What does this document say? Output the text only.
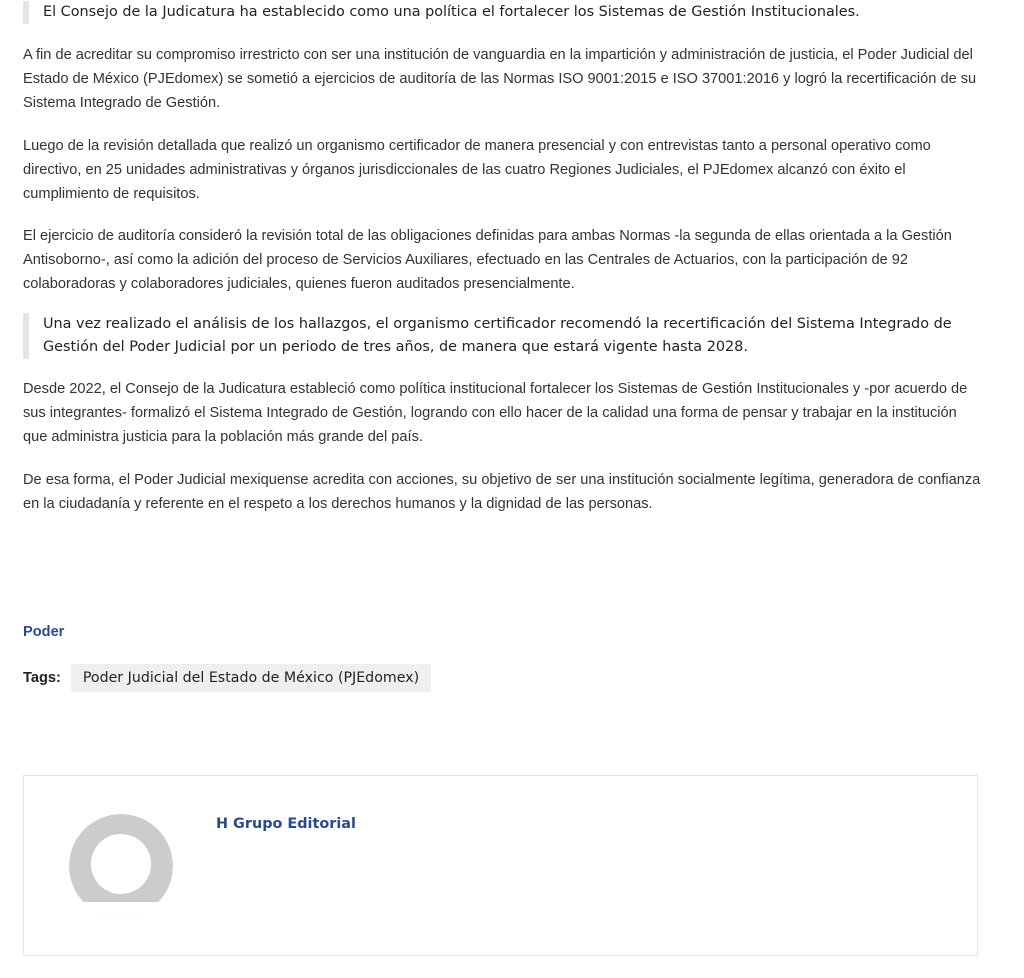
El Consejo de la Judicatura ha establecido como una política el fortalecer los Sistemas de Gestión Institucionales.

A fin de acreditar su compromiso irrestricto con ser una institución de vanguardia en la impartición y administración de justicia, el Poder Judicial del Estado de México (PJEdomex) se sometió a ejercicios de auditoría de las Normas ISO 9001:2015 e ISO 37001:2016 y logró la recertificación de su Sistema Integrado de Gestión.

Luego de la revisión detallada que realizó un organismo certificador de manera presencial y con entrevistas tanto a personal operativo como directivo, en 25 unidades administrativas y órganos jurisdiccionales de las cuatro Regiones Judiciales, el PJEdomex alcanzó con éxito el cumplimiento de requisitos.

El ejercicio de auditoría consideró la revisión total de las obligaciones definidas para ambas Normas -la segunda de ellas orientada a la Gestión Antisoborno-, así como la adición del proceso de Servicios Auxiliares, efectuado en las Centrales de Actuarios, con la participación de 92 colaboradoras y colaboradores judiciales, quienes fueron auditados presencialmente.

Una vez realizado el análisis de los hallazgos, el organismo certificador recomendó la recertificación del Sistema Integrado de Gestión del Poder Judicial por un periodo de tres años, de manera que estará vigente hasta 2028.

Desde 2022, el Consejo de la Judicatura estableció como política institucional fortalecer los Sistemas de Gestión Institucionales y -por acuerdo de sus integrantes- formalizó el Sistema Integrado de Gestión, logrando con ello hacer de la calidad una forma de pensar y trabajar en la institución que administra justicia para la población más grande del país.

De esa forma, el Poder Judicial mexiquense acredita con acciones, su objetivo de ser una institución socialmente legítima, generadora de confianza en la ciudadanía y referente en el respeto a los derechos humanos y la dignidad de las personas.

Poder
Tags:	Poder Judicial del Estado de México (PJEdomex)
H Grupo Editorial
